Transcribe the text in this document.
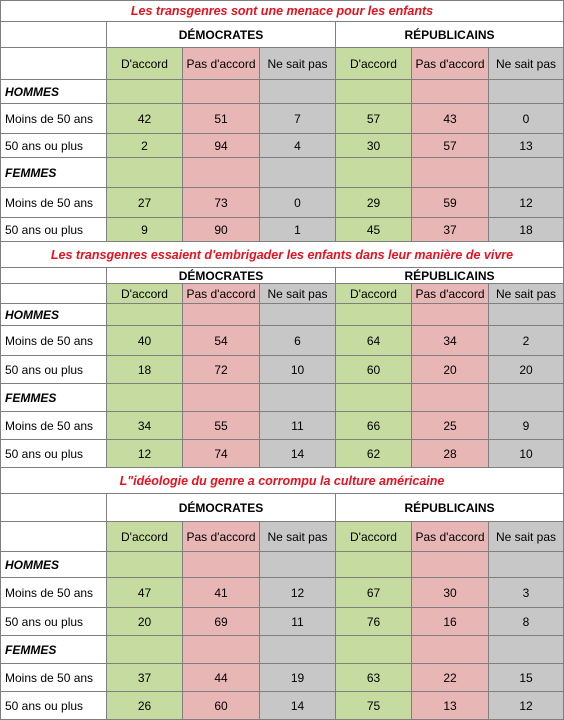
Les transgenres sont une menace pour les enfants						
	DÉMOCRATES			RÉPUBLICAINS		
	D'accord	Pas d'accord	Ne sait pas	D'accord	Pas d'accord	Ne sait pas
HOMMES						
Moins de 50 ans	42	51	7	57	43	0
50 ans ou plus	2	94	4	30	57	13
FEMMES						
Moins de 50 ans	27	73	0	29	59	12
50 ans ou plus	9	90	1	45	37	18
Les transgenres essaient d'embrigader les enfants dans leur manière de vivre						
	DÉMOCRATES			RÉPUBLICAINS		
	D'accord	Pas d'accord	Ne sait pas	D'accord	Pas d'accord	Ne sait pas
HOMMES						
Moins de 50 ans	40	54	6	64	34	2
50 ans ou plus	18	72	10	60	20	20
FEMMES						
Moins de 50 ans	34	55	11	66	25	9
50 ans ou plus	12	74	14	62	28	10
L"idéologie du genre a corrompu la culture américaine						
	DÉMOCRATES			RÉPUBLICAINS		
	D'accord	Pas d'accord	Ne sait pas	D'accord	Pas d'accord	Ne sait pas
HOMMES						
Moins de 50 ans	47	41	12	67	30	3
50 ans ou plus	20	69	11	76	16	8
FEMMES						
Moins de 50 ans	37	44	19	63	22	15
50 ans ou plus	26	60	14	75	13	12
